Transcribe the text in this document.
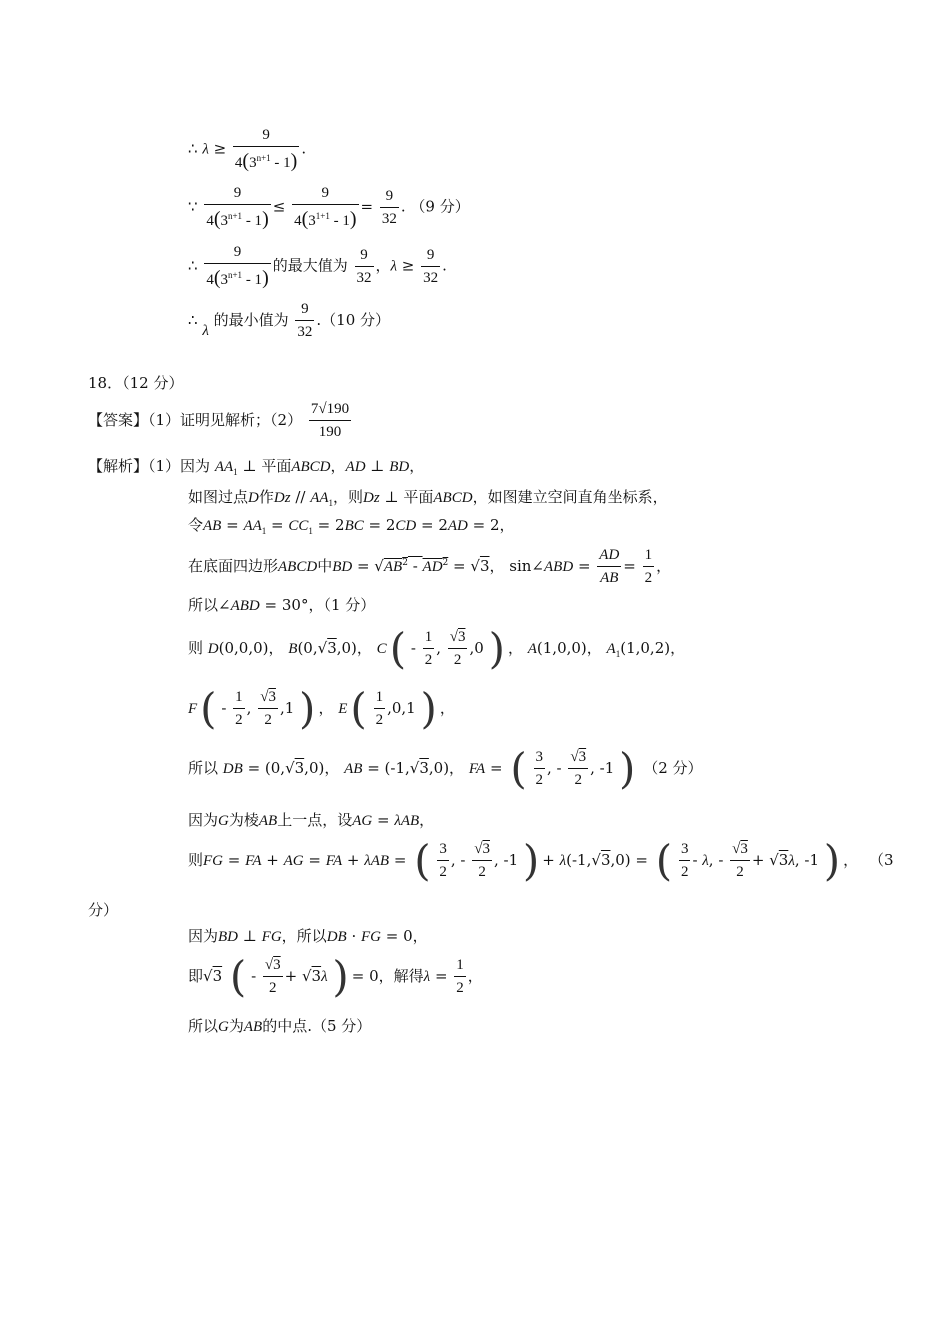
∴ $\lambda \ge \frac{9}{4(3^{n+1} - 1)}$ .
∵ $\frac{9}{4(3^{n+1} - 1)} \le \frac{9}{4(3^{1+1} - 1)} = \frac{9}{32}$ . （9 分）
∴ $\frac{9}{4(3^{n+1} - 1)}$ 的最大值为 $\frac{9}{32}$ ，$\lambda \ge \frac{9}{32}$ .
∴ λ 的最小值为 $\frac{9}{32} .(10$ 分）
18．（12 分）
【答案】（1）证明见解析；$(2) \frac{7√190}{190}$
【解析】（1）因为 $AA_1$ ⊥ 平面ABCD，AD ⊥ BD，
如图过点D作Dz // $AA_1$，则Dz ⊥ 平面ABCD，如图建立空间直角坐标系，
令AB = $AA_1 = CC_1 = 2BC = 2CD = 2AD = 2$，
在底面四边形ABCD中BD = $√AB^2 - AD^2 = √3$， sin∠ABD = $\frac{AD}{AB} = \frac{1}{2}$ ，
所以∠ABD = 30°，（1 分）
则 D(0,0,0)， B(0,√3,0)， $C( - \frac{1}{2}$ , $\frac{√3}{2} ,0$ ) ， A(1,0,0)， $A_1(1,0,2)$，
$F( - \frac{1}{2}$ , $\frac{√3}{2} ,1$ ) ， $E( \frac{1}{2} ,0,1$ ) ，
所以 DB = (0,√3,0)， AB = (-1,√3,0)， FA = ( $\frac{3}{2}$ , - $\frac{√3}{2}$ , -1 ) （2 分）
因为G为棱AB上一点，设AG = λAB，
则FG = FA + AG = FA + λAB = ( $\frac{3}{2}$ , - $\frac{√3}{2}$ , -1 ) + λ(-1,√3,0) = ( $\frac{3}{2}$ - λ, - $\frac{√3}{2} + √3\lambda$, -1 ) ， （3
分）
因为BD ⊥ FG，所以DB · FG = 0，
即√3 ( - $\frac{√3}{2} + √3\lambda$ ) = 0，解得$\lambda = \frac{1}{2}$ ，
所以G为AB的中点.（5 分）
